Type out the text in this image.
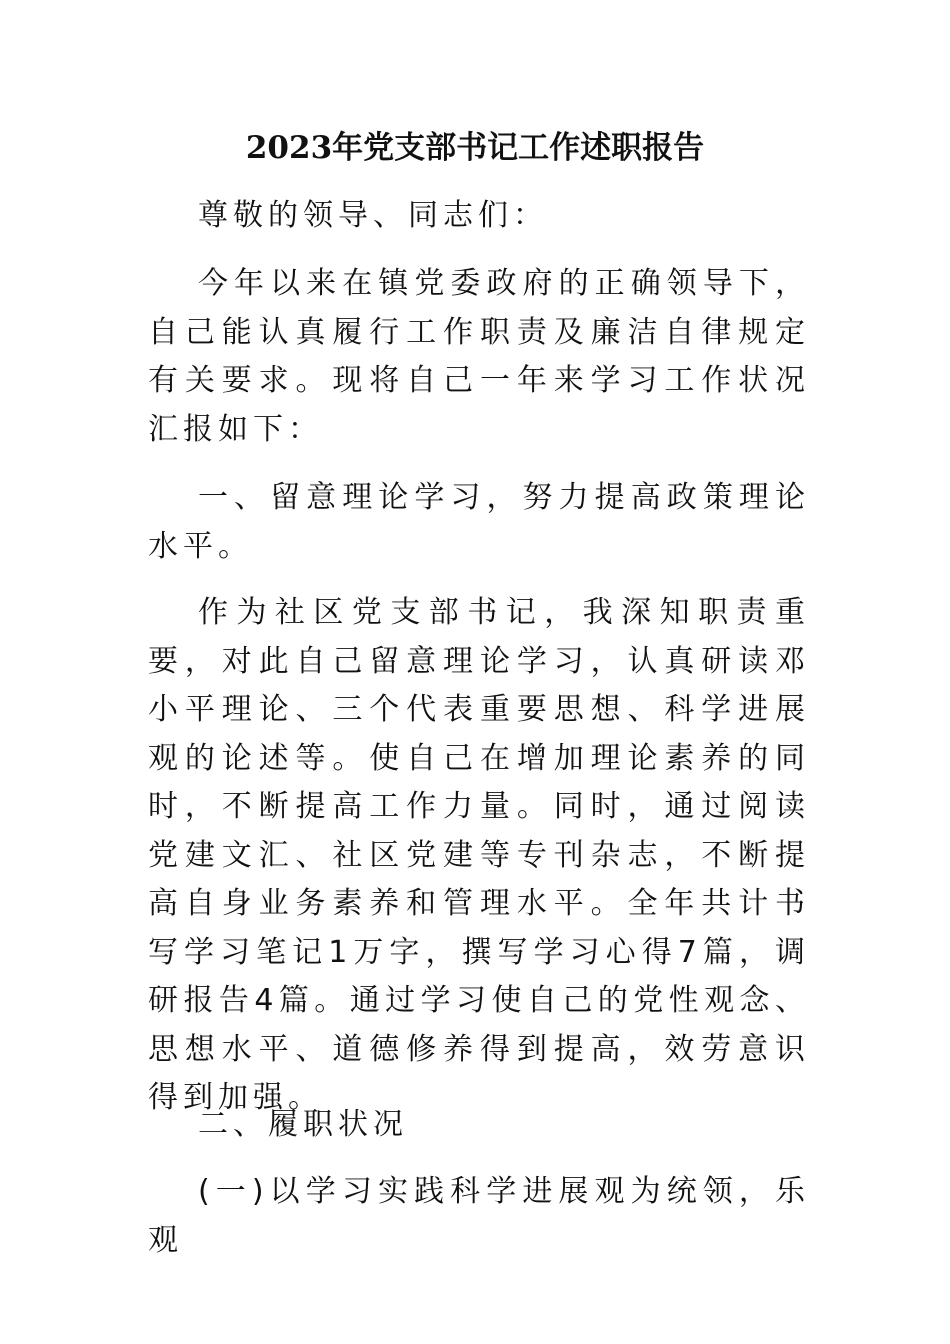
2023年党支部书记工作述职报告

尊敬的领导、同志们：

今年以来在镇党委政府的正确领导下，自己能认真履行工作职责及廉洁自律规定有关要求。现将自己一年来学习工作状况汇报如下：

一、留意理论学习，努力提高政策理论水平。

作为社区党支部书记，我深知职责重要，对此自己留意理论学习，认真研读邓小平理论、三个代表重要思想、科学进展观的论述等。使自己在增加理论素养的同时，不断提高工作力量。同时，通过阅读党建文汇、社区党建等专刊杂志，不断提高自身业务素养和管理水平。全年共计书写学习笔记1万字，撰写学习心得7篇，调研报告4篇。通过学习使自己的党性观念、思想水平、道德修养得到提高，效劳意识得到加强。

二、履职状况

(一)以学习实践科学进展观为统领，乐观
